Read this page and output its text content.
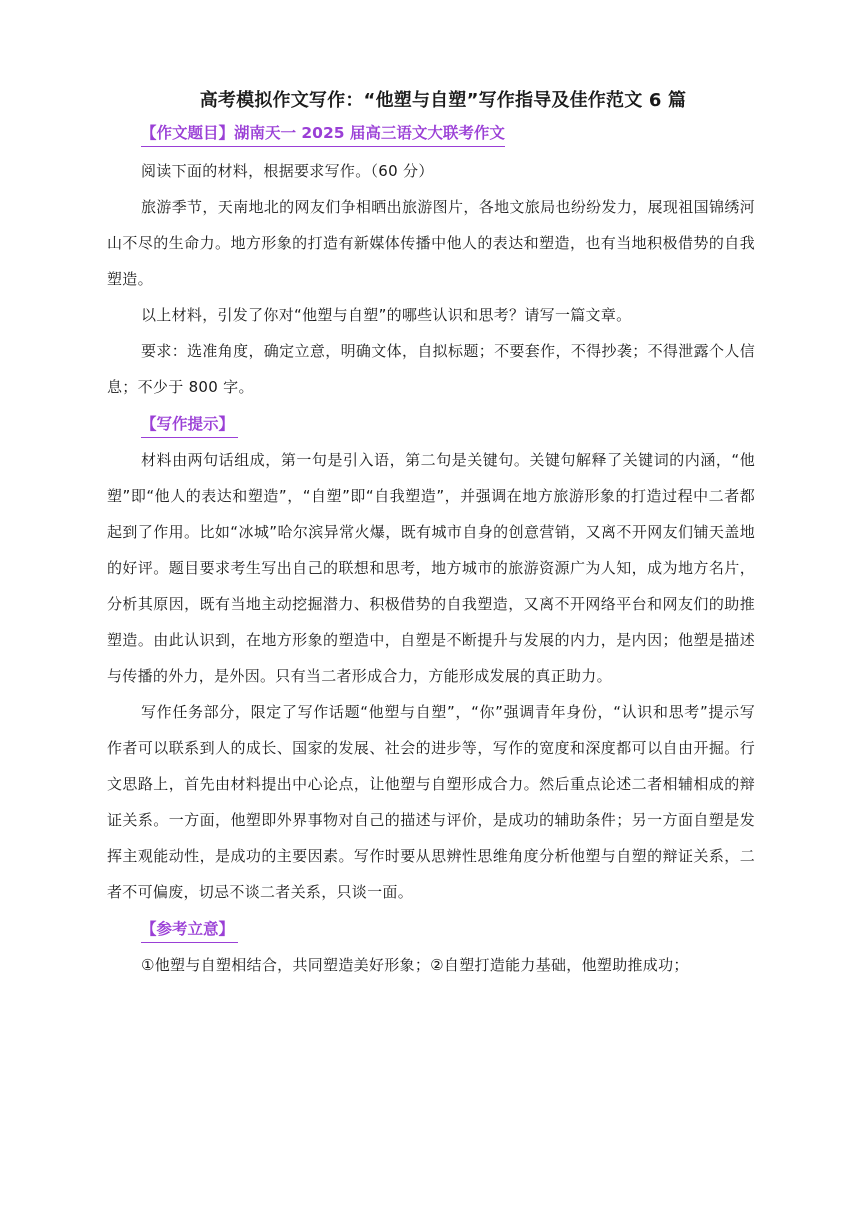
高考模拟作文写作：“他塑与自塑”写作指导及佳作范文 6 篇
【作文题目】湖南天一 2025 届高三语文大联考作文

阅读下面的材料，根据要求写作。（60 分）

旅游季节，天南地北的网友们争相晒出旅游图片，各地文旅局也纷纷发力，展现祖国锦绣河山不尽的生命力。地方形象的打造有新媒体传播中他人的表达和塑造，也有当地积极借势的自我塑造。

以上材料，引发了你对“他塑与自塑”的哪些认识和思考？请写一篇文章。

要求：选准角度，确定立意，明确文体，自拟标题；不要套作，不得抄袭；不得泄露个人信息；不少于 800 字。

【写作提示】

材料由两句话组成，第一句是引入语，第二句是关键句。关键句解释了关键词的内涵，“他塑”即“他人的表达和塑造”，“自塑”即“自我塑造”，并强调在地方旅游形象的打造过程中二者都起到了作用。比如“冰城”哈尔滨异常火爆，既有城市自身的创意营销，又离不开网友们铺天盖地的好评。题目要求考生写出自己的联想和思考，地方城市的旅游资源广为人知，成为地方名片，分析其原因，既有当地主动挖掘潜力、积极借势的自我塑造，又离不开网络平台和网友们的助推塑造。由此认识到，在地方形象的塑造中，自塑是不断提升与发展的内力，是内因；他塑是描述与传播的外力，是外因。只有当二者形成合力，方能形成发展的真正助力。

写作任务部分，限定了写作话题“他塑与自塑”，“你”强调青年身份，“认识和思考”提示写作者可以联系到人的成长、国家的发展、社会的进步等，写作的宽度和深度都可以自由开掘。行文思路上，首先由材料提出中心论点，让他塑与自塑形成合力。然后重点论述二者相辅相成的辩证关系。一方面，他塑即外界事物对自己的描述与评价，是成功的辅助条件；另一方面自塑是发挥主观能动性，是成功的主要因素。写作时要从思辨性思维角度分析他塑与自塑的辩证关系，二者不可偏废，切忌不谈二者关系，只谈一面。

【参考立意】

①他塑与自塑相结合，共同塑造美好形象；②自塑打造能力基础，他塑助推成功；
